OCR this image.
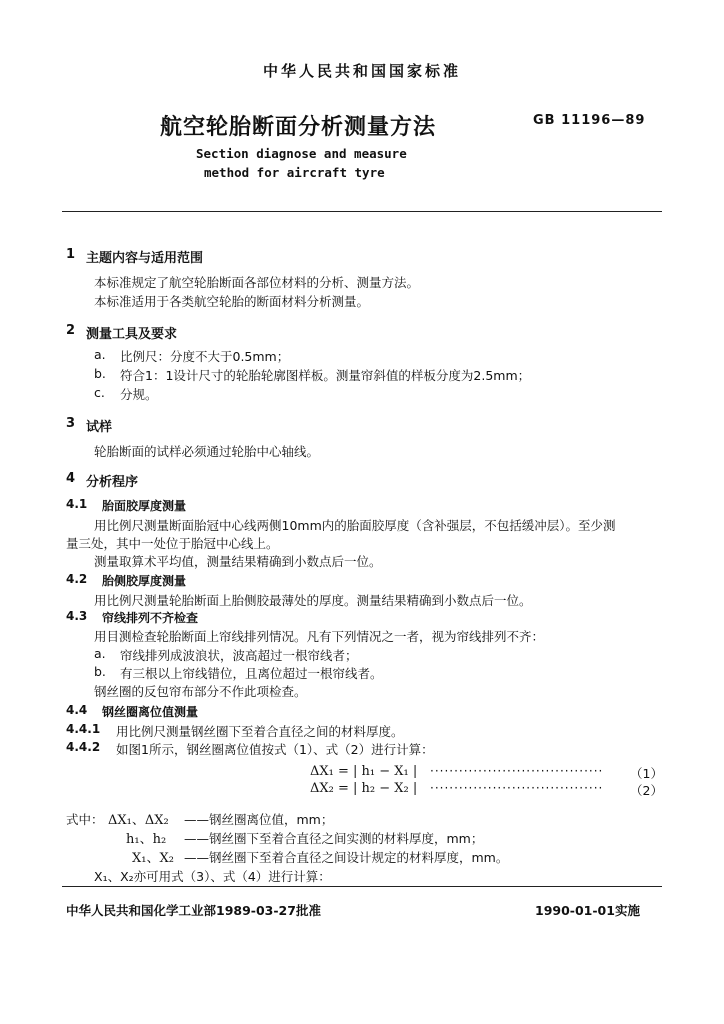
中华人民共和国国家标准
航空轮胎断面分析测量方法	GB 11196—89
Section diagnose and measure
method for aircraft tyre
1 主题内容与适用范围
本标准规定了航空轮胎断面各部位材料的分析、测量方法。
本标准适用于各类航空轮胎的断面材料分析测量。
2 测量工具及要求
a. 比例尺：分度不大于0.5mm；
b. 符合1：1设计尺寸的轮胎轮廓图样板。测量帘斜值的样板分度为2.5mm；
c. 分规。
3 试样
轮胎断面的试样必须通过轮胎中心轴线。
4 分析程序
4.1 胎面胶厚度测量
用比例尺测量断面胎冠中心线两侧10mm内的胎面胶厚度（含补强层，不包括缓冲层）。至少测
量三处，其中一处位于胎冠中心线上。
测量取算术平均值，测量结果精确到小数点后一位。
4.2 胎侧胶厚度测量
用比例尺测量轮胎断面上胎侧胶最薄处的厚度。测量结果精确到小数点后一位。
4.3 帘线排列不齐检查
用目测检查轮胎断面上帘线排列情况。凡有下列情况之一者，视为帘线排列不齐：
a. 帘线排列成波浪状，波高超过一根帘线者；
b. 有三根以上帘线错位，且离位超过一根帘线者。
钢丝圈的反包帘布部分不作此项检查。
4.4 钢丝圈离位值测量
4.4.1 用比例尺测量钢丝圈下至着合直径之间的材料厚度。
4.4.2 如图1所示，钢丝圈离位值按式（1）、式（2）进行计算：
ΔX₁ = | h₁ − X₁ | ···································· （1）
ΔX₂ = | h₂ − X₂ | ···································· （2）
式中： ΔX₁、ΔX₂ ——钢丝圈离位值，mm；
h₁、h₂ ——钢丝圈下至着合直径之间实测的材料厚度，mm；
X₁、X₂ ——钢丝圈下至着合直径之间设计规定的材料厚度，mm。
X₁、X₂亦可用式（3）、式（4）进行计算：
中华人民共和国化学工业部1989-03-27批准	1990-01-01实施
